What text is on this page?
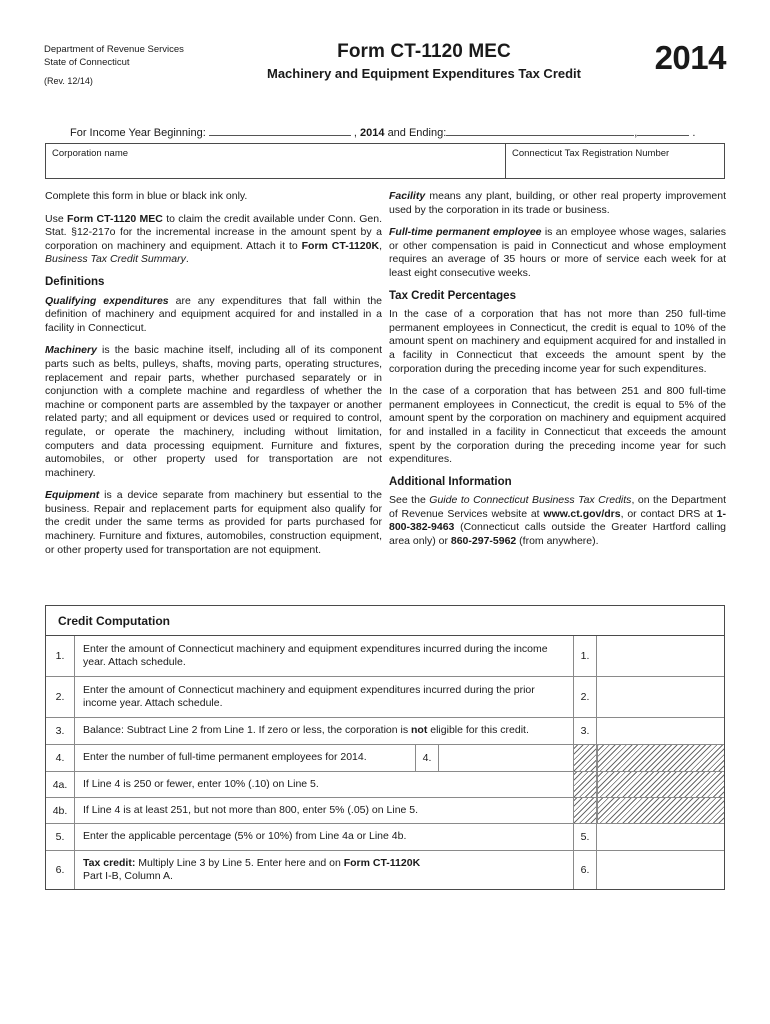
Department of Revenue Services
State of Connecticut
(Rev. 12/14)
Form CT-1120 MEC
Machinery and Equipment Expenditures Tax Credit	2014
For Income Year Beginning:	, 2014 and Ending:	,	.
Corporation name	Connecticut Tax Registration Number

Complete this form in blue or black ink only.

Use Form CT-1120 MEC to claim the credit available under Conn. Gen. Stat. §12-217o for the incremental increase in the amount spent by a corporation on machinery and equipment. Attach it to Form CT-1120K, Business Tax Credit Summary.

Definitions

Qualifying expenditures are any expenditures that fall within the definition of machinery and equipment acquired for and installed in a facility in Connecticut.

Machinery is the basic machine itself, including all of its component parts such as belts, pulleys, shafts, moving parts, operating structures, replacement and repair parts, whether purchased separately or in conjunction with a complete machine and regardless of whether the machine or component parts are assembled by the taxpayer or another related party; and all equipment or devices used or required to control, regulate, or operate the machinery, including without limitation, computers and data processing equipment. Furniture and fixtures, automobiles, or other property used for transportation are not machinery.

Equipment is a device separate from machinery but essential to the business. Repair and replacement parts for equipment also qualify for the credit under the same terms as provided for parts purchased for machinery. Furniture and fixtures, automobiles, construction equipment, or other property used for transportation are not equipment.

Facility means any plant, building, or other real property improvement used by the corporation in its trade or business.

Full-time permanent employee is an employee whose wages, salaries or other compensation is paid in Connecticut and whose employment requires an average of 35 hours or more of service each week for at least eight consecutive weeks.

Tax Credit Percentages

In the case of a corporation that has not more than 250 full-time permanent employees in Connecticut, the credit is equal to 10% of the amount spent on machinery and equipment acquired for and installed in a facility in Connecticut that exceeds the amount spent by the corporation during the preceding income year for such expenditures.

In the case of a corporation that has between 251 and 800 full-time permanent employees in Connecticut, the credit is equal to 5% of the amount spent by the corporation on machinery and equipment acquired for and installed in a facility in Connecticut that exceeds the amount spent by the corporation during the preceding income year for such expenditures.

Additional Information

See the Guide to Connecticut Business Tax Credits, on the Department of Revenue Services website at www.ct.gov/drs, or contact DRS at 1-800-382-9463 (Connecticut calls outside the Greater Hartford calling area only) or 860-297-5962 (from anywhere).

Credit Computation
1.
Enter the amount of Connecticut machinery and equipment expenditures incurred during the income year. Attach schedule.	1.
2.
Enter the amount of Connecticut machinery and equipment expenditures incurred during the prior income year. Attach schedule.	2.
3.	Balance: Subtract Line 2 from Line 1. If zero or less, the corporation is not eligible for this credit.	3.
4.	Enter the number of full-time permanent employees for 2014.	4.
4a.	If Line 4 is 250 or fewer, enter 10% (.10) on Line 5.
4b.	If Line 4 is at least 251, but not more than 800, enter 5% (.05) on Line 5.
5.	Enter the applicable percentage (5% or 10%) from Line 4a or Line 4b.	5.
6.
Tax credit: Multiply Line 3 by Line 5. Enter here and on Form CT-1120K
Part I-B, Column A.	6.
